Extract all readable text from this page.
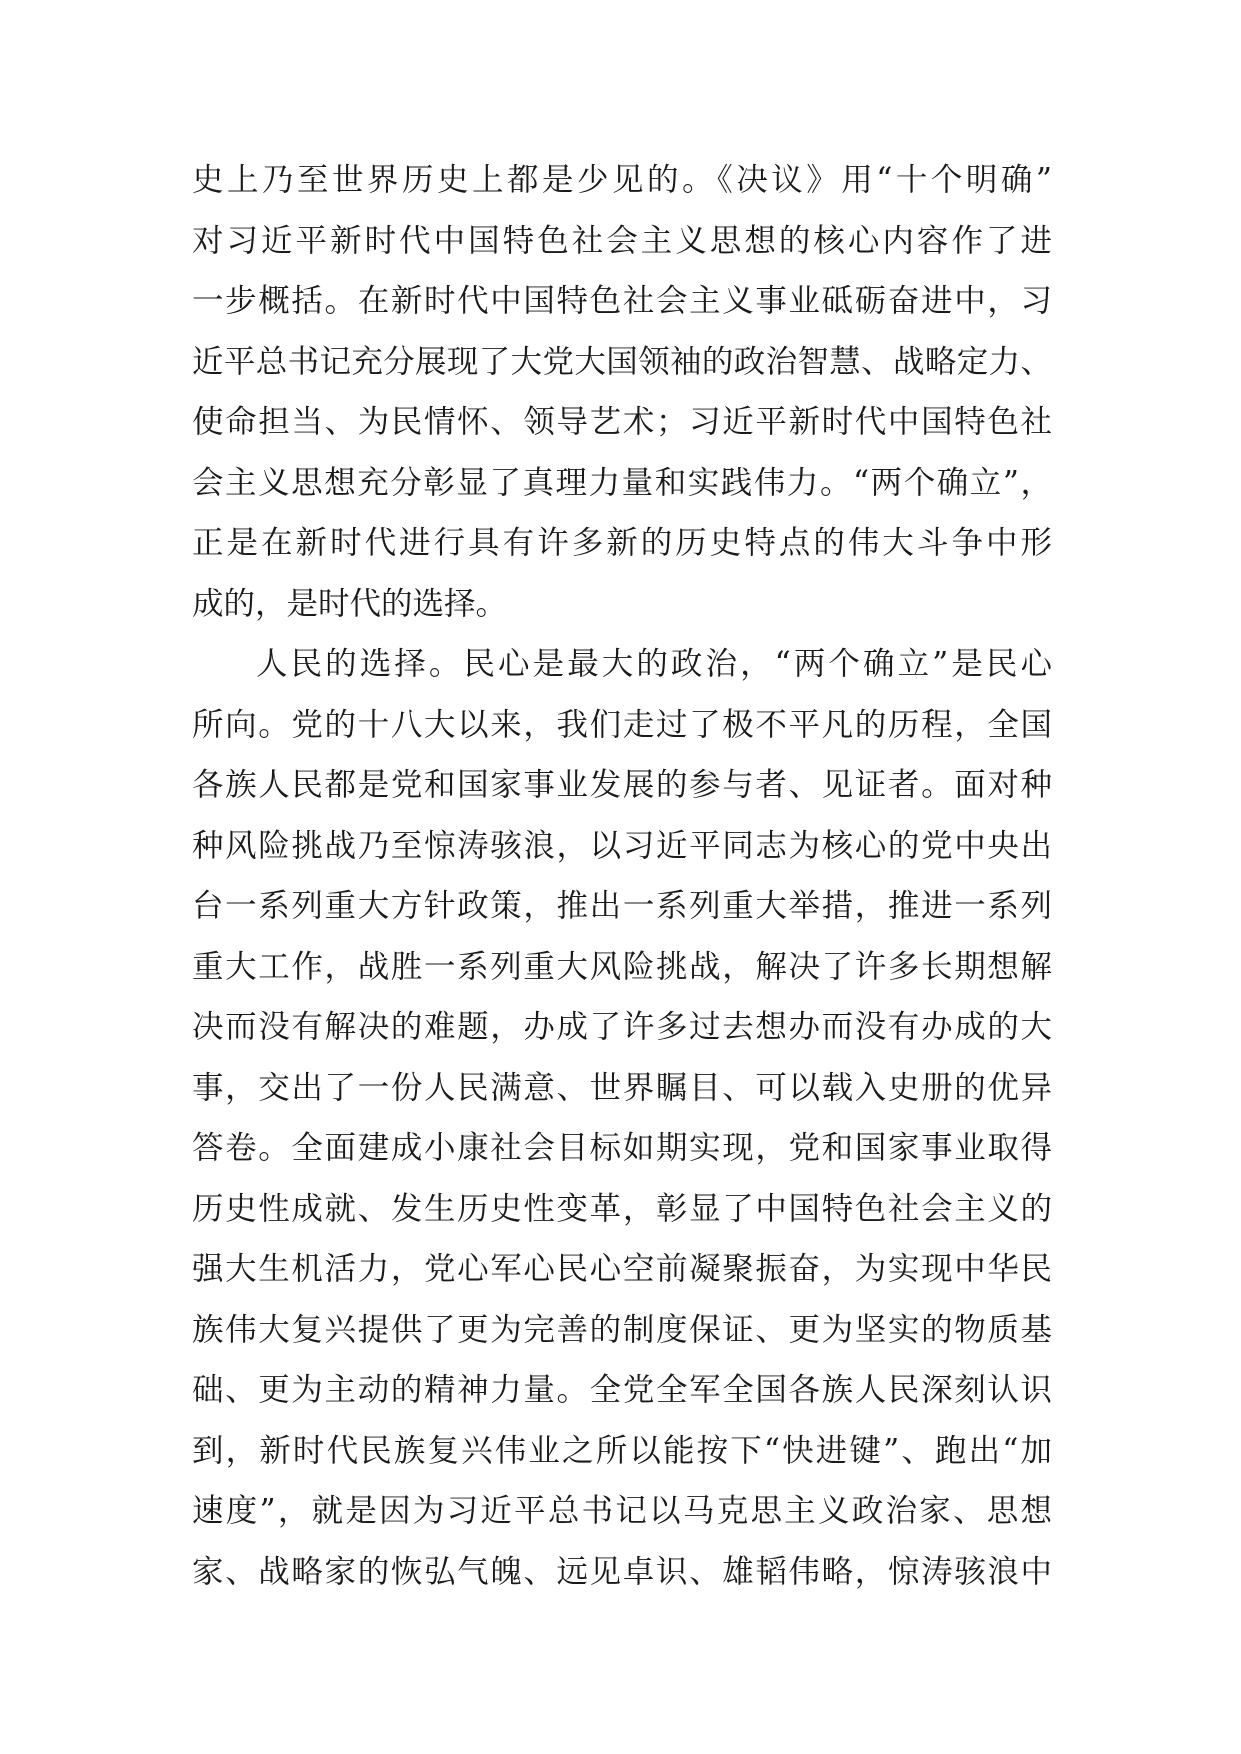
史上乃至世界历史上都是少见的。《决议》用“十个明确”
对习近平新时代中国特色社会主义思想的核心内容作了进
一步概括。在新时代中国特色社会主义事业砥砺奋进中，习
近平总书记充分展现了大党大国领袖的政治智慧、战略定力、
使命担当、为民情怀、领导艺术；习近平新时代中国特色社
会主义思想充分彰显了真理力量和实践伟力。“两个确立”，
正是在新时代进行具有许多新的历史特点的伟大斗争中形
成的，是时代的选择。
人民的选择。民心是最大的政治，“两个确立”是民心
所向。党的十八大以来，我们走过了极不平凡的历程，全国
各族人民都是党和国家事业发展的参与者、见证者。面对种
种风险挑战乃至惊涛骇浪，以习近平同志为核心的党中央出
台一系列重大方针政策，推出一系列重大举措，推进一系列
重大工作，战胜一系列重大风险挑战，解决了许多长期想解
决而没有解决的难题，办成了许多过去想办而没有办成的大
事，交出了一份人民满意、世界瞩目、可以载入史册的优异
答卷。全面建成小康社会目标如期实现，党和国家事业取得
历史性成就、发生历史性变革，彰显了中国特色社会主义的
强大生机活力，党心军心民心空前凝聚振奋，为实现中华民
族伟大复兴提供了更为完善的制度保证、更为坚实的物质基
础、更为主动的精神力量。全党全军全国各族人民深刻认识
到，新时代民族复兴伟业之所以能按下“快进键”、跑出“加
速度”，就是因为习近平总书记以马克思主义政治家、思想
家、战略家的恢弘气魄、远见卓识、雄韬伟略，惊涛骇浪中
